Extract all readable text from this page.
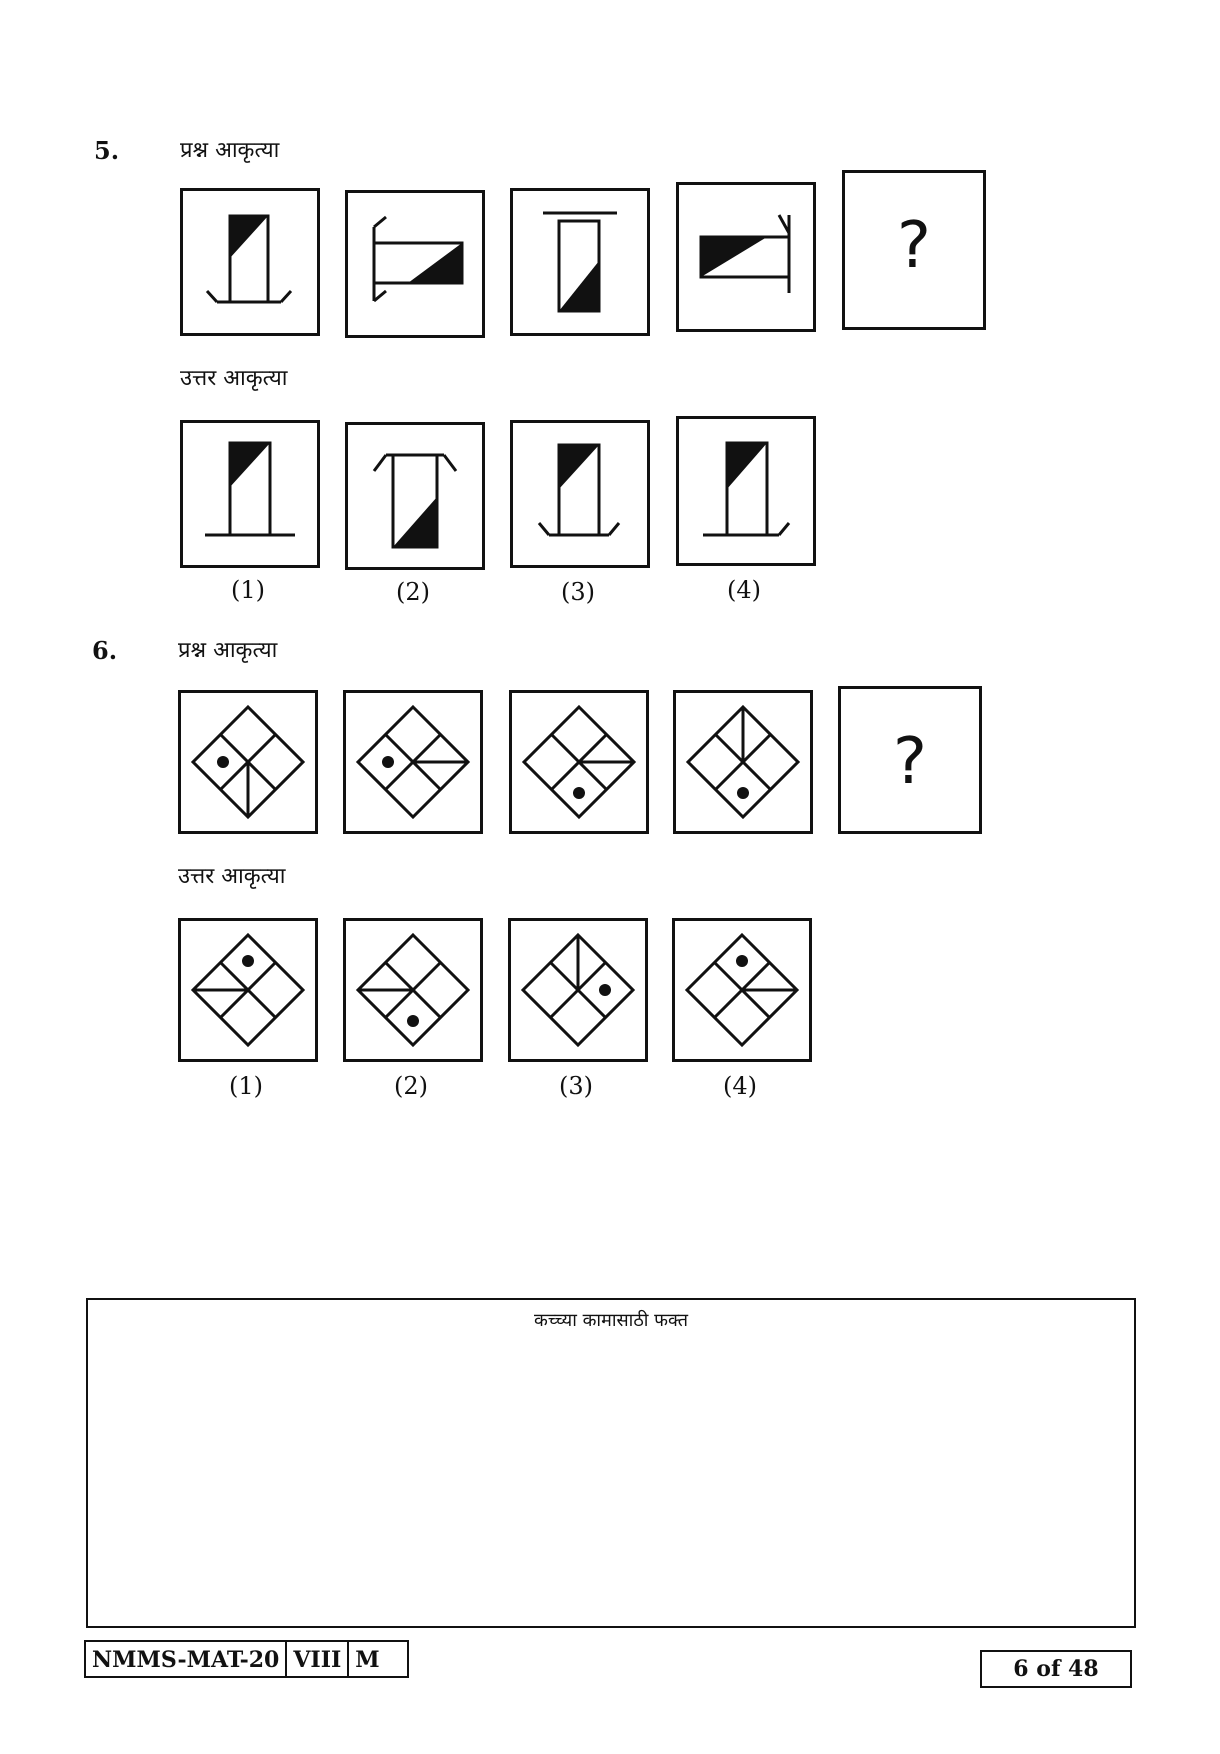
5.	प्रश्न आकृत्या
?
उत्तर आकृत्या
(1)	(2)	(3)	(4)
6.	प्रश्न आकृत्या
?
उत्तर आकृत्या
(1)	(2)	(3)	(4)
कच्च्या कामासाठी फक्त
NMMS-MAT-20 VIII M	6 of 48
